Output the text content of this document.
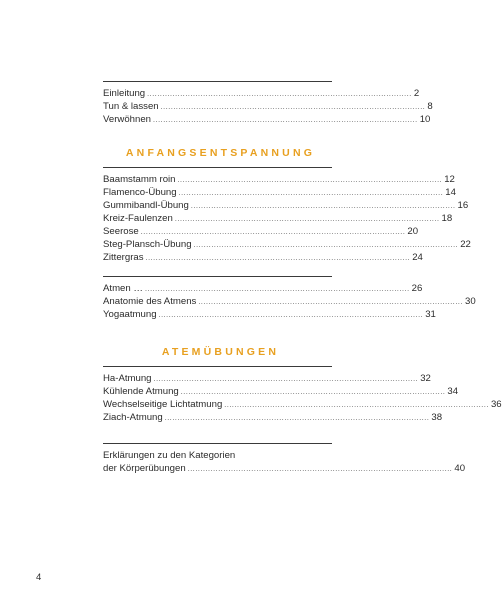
Einleitung ........................................................................................................ 2
Tun & lassen ........................................................................................................ 8
Verwöhnen ........................................................................................................ 10
ANFANGSENTSPANNUNG
Baamstamm roin ........................................................................................................ 12
Flamenco-Übung ........................................................................................................ 14
Gummibandl-Übung ........................................................................................................ 16
Kreiz-Faulenzen ........................................................................................................ 18
Seerose ........................................................................................................ 20
Steg-Plansch-Übung ........................................................................................................ 22
Zittergras ........................................................................................................ 24
Atmen … ........................................................................................................ 26
Anatomie des Atmens ........................................................................................................ 30
Yogaatmung ........................................................................................................ 31
ATEMÜBUNGEN
Ha-Atmung ........................................................................................................ 32
Kühlende Atmung ........................................................................................................ 34
Wechselseitige Lichtatmung ........................................................................................................ 36
Ziach-Atmung ........................................................................................................ 38
Erklärungen zu den Kategorien
der Körperübungen ........................................................................................................ 40
4
